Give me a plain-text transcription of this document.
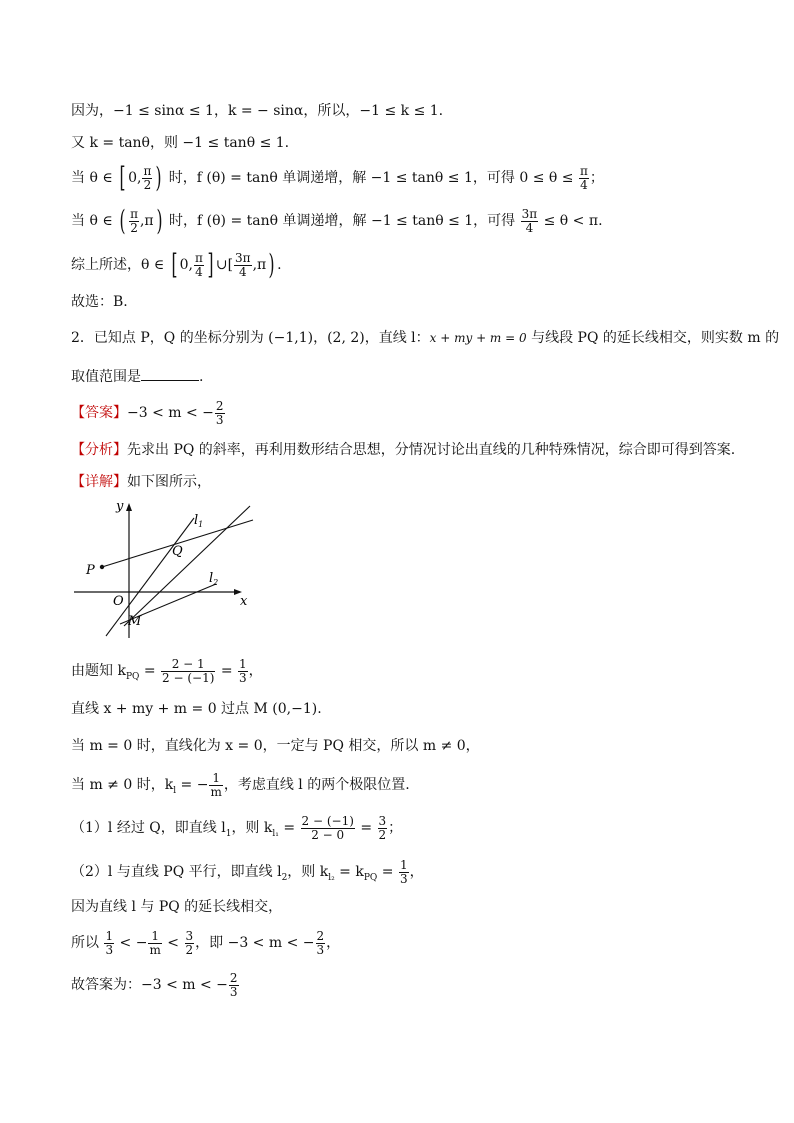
因为，−1 ≤ sinα ≤ 1，k = − sinα，所以，−1 ≤ k ≤ 1.
又 k = tanθ，则 −1 ≤ tanθ ≤ 1.
当 θ ∈ [ 0, $\frac{\pi}{2}$ ) 时，f (θ) = tanθ 单调递增，解 −1 ≤ tanθ ≤ 1，可得 $0 \le \theta \le \frac{\pi}{4}$ ；
当 θ ∈ ( $\frac{\pi}{2} ,\pi$) 时，f (θ) = tanθ 单调递增，解 −1 ≤ tanθ ≤ 1，可得 $\frac{3\pi}{4} \le \theta < \pi$.
综上所述，θ ∈ [ 0, $\frac{\pi}{4}$ ] ∪[ $\frac{3\pi}{4} ,\pi$) .
故选：B.
2．已知点 P，Q 的坐标分别为 (−1,1)，(2, 2)，直线 l：x + my + m = 0 与线段 PQ 的延长线相交，则实数 m 的
取值范围是	.
【答案】−3 < m < − $\frac{2}{3}$
【分析】先求出 PQ 的斜率，再利用数形结合思想，分情况讨论出直线的几种特殊情况，综合即可得到答案.
【详解】如下图所示，
y
x
O
M
P
Q
$l_1$
$l_2$
由题知 $k_{PQ} = \frac{2 - 1}{2 - (-1)} = \frac{1}{3}$ ，
直线 x + my + m = 0 过点 M (0,−1).
当 m = 0 时，直线化为 x = 0，一定与 PQ 相交，所以 m ≠ 0，
当 m ≠ 0 时，$k_l$ = − $\frac{1}{m}$ ，考虑直线 l 的两个极限位置.
（1）l 经过 Q，即直线 $l_1$，则 $k_{l_1} = \frac{2 - (-1)}{2 - 0} = \frac{3}{2}$ ；
（2）l 与直线 PQ 平行，即直线 $l_2$，则 $k_{l_2} = k_{PQ} = \frac{1}{3}$ ，
因为直线 l 与 PQ 的延长线相交，
所以 $\frac{1}{3}$ < − $\frac{1}{m} < \frac{3}{2}$ ，即 −3 < m < − $\frac{2}{3}$ ，
故答案为：−3 < m < − $\frac{2}{3}$
